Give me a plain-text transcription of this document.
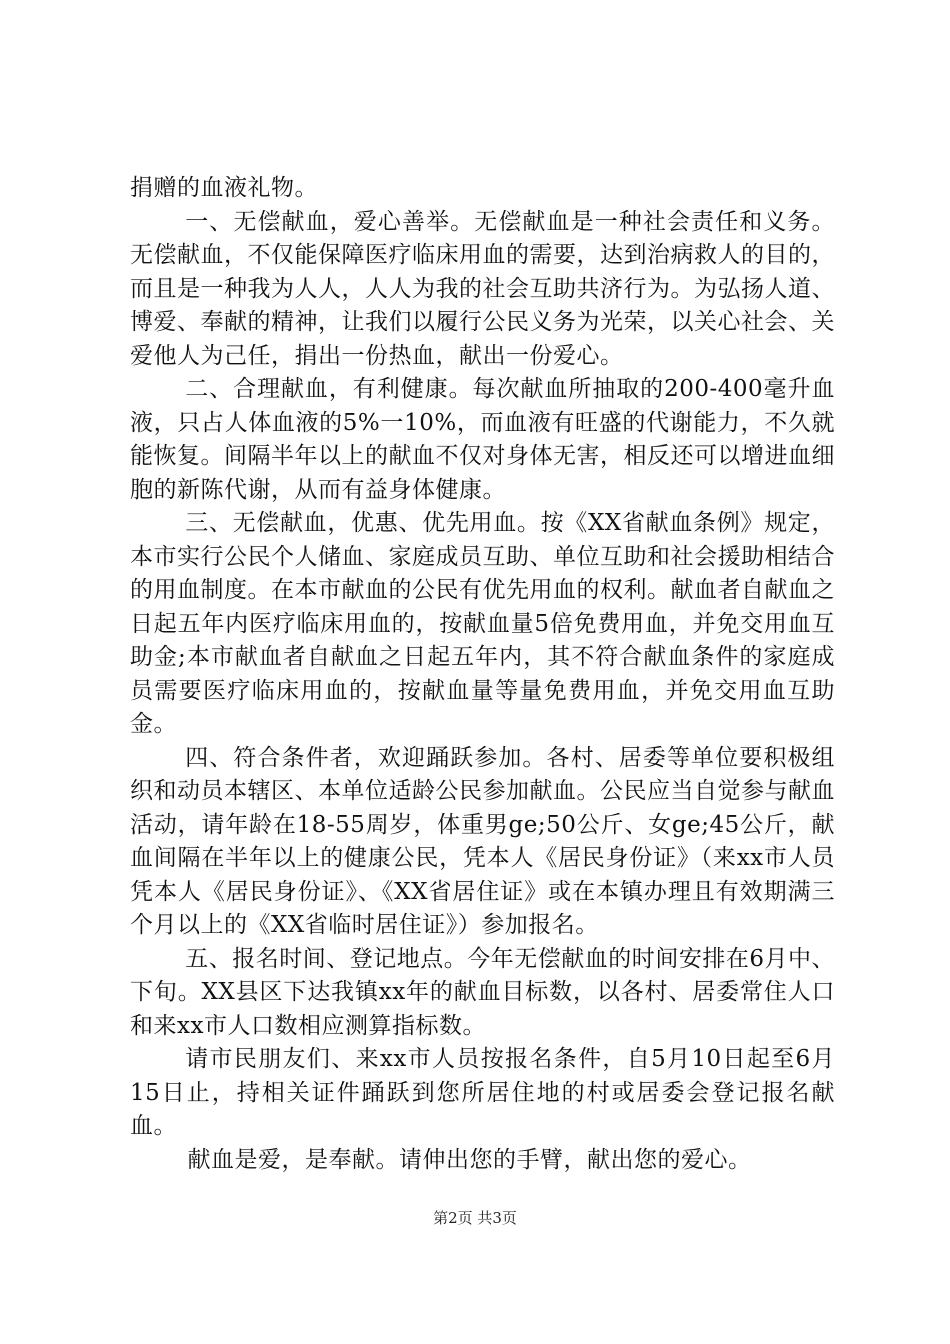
捐赠的血液礼物。

一、无偿献血，爱心善举。无偿献血是一种社会责任和义务。无偿献血，不仅能保障医疗临床用血的需要，达到治病救人的目的，而且是一种我为人人，人人为我的社会互助共济行为。为弘扬人道、博爱、奉献的精神，让我们以履行公民义务为光荣，以关心社会、关爱他人为己任，捐出一份热血，献出一份爱心。

二、合理献血，有利健康。每次献血所抽取的200-400毫升血液，只占人体血液的5%一10%，而血液有旺盛的代谢能力，不久就能恢复。间隔半年以上的献血不仅对身体无害，相反还可以增进血细胞的新陈代谢，从而有益身体健康。

三、无偿献血，优惠、优先用血。按《XX省献血条例》规定，本市实行公民个人储血、家庭成员互助、单位互助和社会援助相结合的用血制度。在本市献血的公民有优先用血的权利。献血者自献血之日起五年内医疗临床用血的，按献血量5倍免费用血，并免交用血互助金;本市献血者自献血之日起五年内，其不符合献血条件的家庭成员需要医疗临床用血的，按献血量等量免费用血，并免交用血互助金。

四、符合条件者，欢迎踊跃参加。各村、居委等单位要积极组织和动员本辖区、本单位适龄公民参加献血。公民应当自觉参与献血活动，请年龄在18-55周岁，体重男ge;50公斤、女ge;45公斤，献血间隔在半年以上的健康公民，凭本人《居民身份证》（来xx市人员凭本人《居民身份证》、《XX省居住证》或在本镇办理且有效期满三个月以上的《XX省临时居住证》）参加报名。

五、报名时间、登记地点。今年无偿献血的时间安排在6月中、下旬。XX县区下达我镇xx年的献血目标数，以各村、居委常住人口和来xx市人口数相应测算指标数。

请市民朋友们、来xx市人员按报名条件，自5月10日起至6月15日止，持相关证件踊跃到您所居住地的村或居委会登记报名献血。

献血是爱，是奉献。请伸出您的手臂，献出您的爱心。

第2页 共3页
